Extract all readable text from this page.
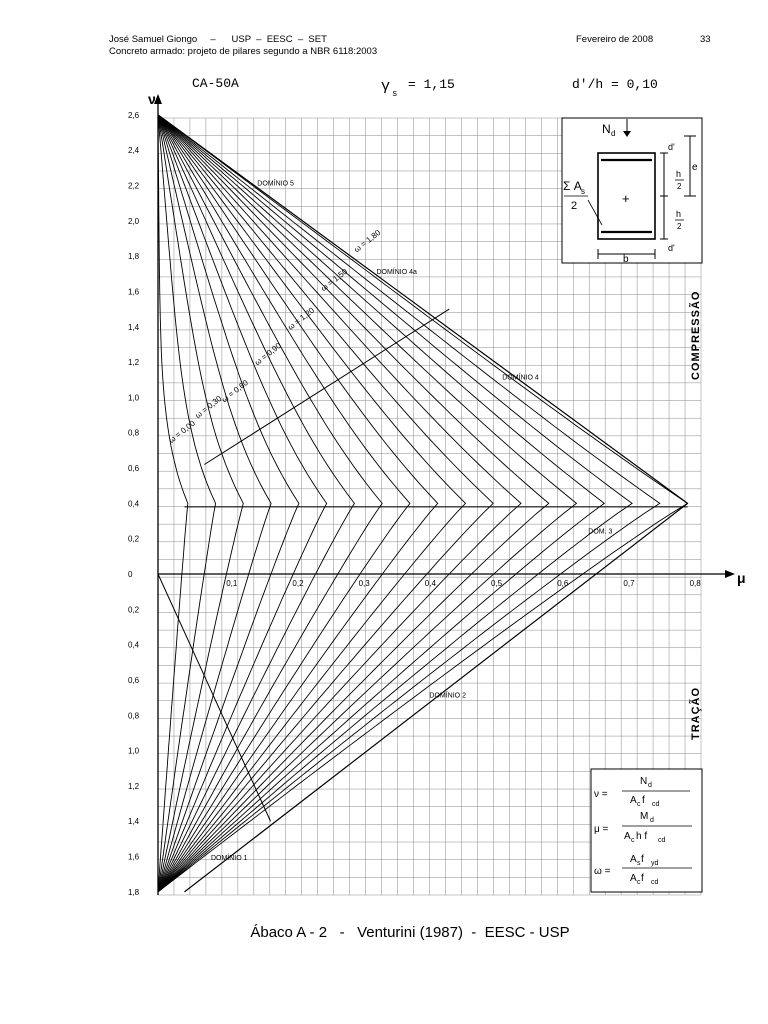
José Samuel Giongo     –      USP  –  EESC  –  SET	Fevereiro de 2008	33
Concreto armado: projeto de pilares segundo a NBR 6118:2003
0,1	0,2	0,3	0,4	0,5	0,6	0,7	0,8
2,6
2,4
2,2
2,0
1,8
1,6
1,4
1,2
1,0
0,8
0,6
0,4
0,2
0
0,2
0,4
0,6
0,8
1,0
1,2
1,4
1,6
1,8
ω = 1,80
ω = 1,50
ω = 1,20
ω = 0,90
ω = 0,60
ω = 0,30
ω = 0,00
DOMÍNIO 5
DOMÍNIO 4a
DOMÍNIO 4
DOM. 3
DOMÍNIO 2
DOMÍNIO 1
CA-50A	γ s
= 1,15	d'/h = 0,10
ν
μ
COMPRESSÃO
TRAÇÃO
+
N d
e
d'
d'
h
2
h
2
b
Σ A s
2
ν =
N d
A c f cd
μ =
M d
A c h f cd
ω =
A s f yd
A c f cd
Ábaco A - 2   -   Venturini (1987)  -  EESC - USP
